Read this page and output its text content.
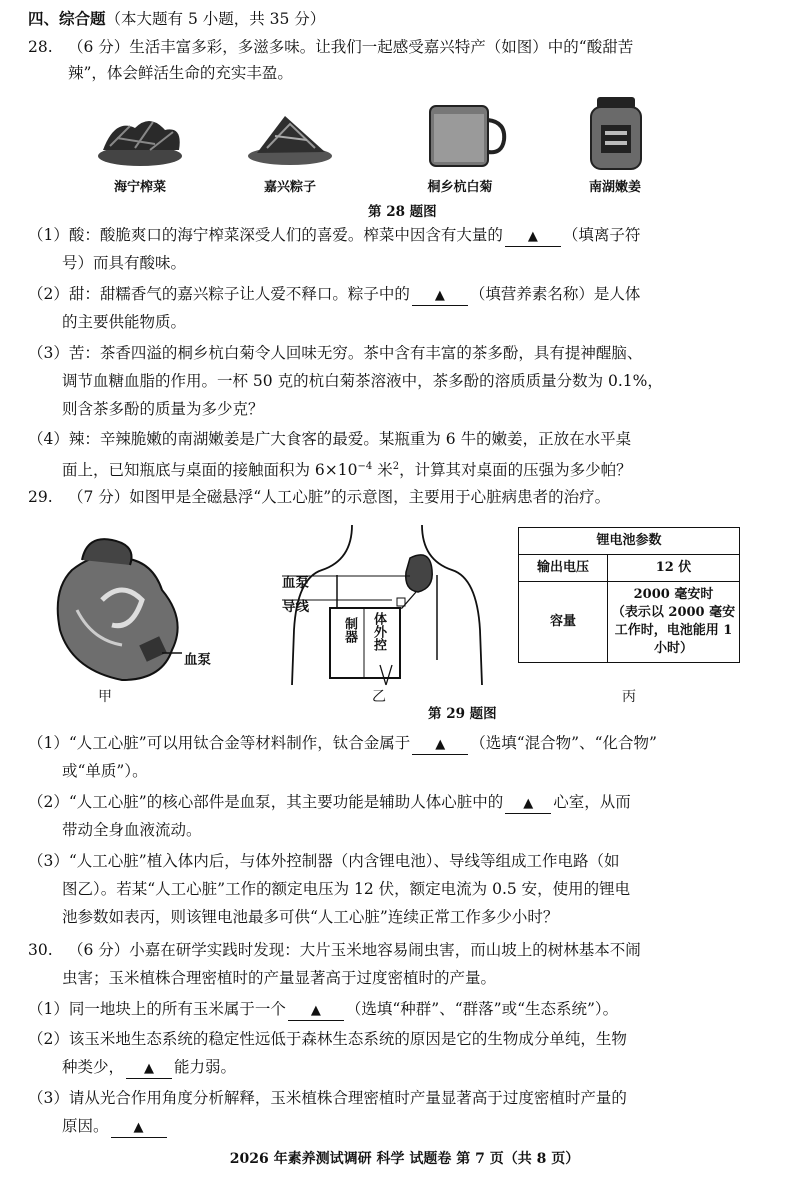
四、综合题（本大题有 5 小题，共 35 分）
28. （6 分）生活丰富多彩，多滋多味。让我们一起感受嘉兴特产（如图）中的“酸甜苦
辣”，体会鲜活生命的充实丰盈。
海宁榨菜	嘉兴粽子	桐乡杭白菊	南湖嫩姜
第 28 题图
（1）酸：酸脆爽口的海宁榨菜深受人们的喜爱。榨菜中因含有大量的 ▲ （填离子符
号）而具有酸味。
（2）甜：甜糯香气的嘉兴粽子让人爱不释口。粽子中的 ▲ （填营养素名称）是人体
的主要供能物质。
（3）苦：茶香四溢的桐乡杭白菊令人回味无穷。茶中含有丰富的茶多酚，具有提神醒脑、
调节血糖血脂的作用。一杯 50 克的杭白菊茶溶液中，茶多酚的溶质质量分数为 0.1%，
则含茶多酚的质量为多少克？
（4）辣：辛辣脆嫩的南湖嫩姜是广大食客的最爱。某瓶重为 6 牛的嫩姜，正放在水平桌
面上，已知瓶底与桌面的接触面积为 $6\times 10^{-4}$ 米$^2$，计算其对桌面的压强为多少帕？
29. （7 分）如图甲是全磁悬浮“人工心脏”的示意图，主要用于心脏病患者的治疗。
血泵
甲
血泵
导线
制器 体外控
乙
锂电池参数	
输出电压	12 伏
容量	2000 毫安时
（表示以 2000 毫安
工作时，电池能用 1
小时）
丙
第 29 题图
（1）“人工心脏”可以用钛合金等材料制作，钛合金属于 ▲ （选填“混合物”、“化合物”
或“单质”）。
（2）“人工心脏”的核心部件是血泵，其主要功能是辅助人体心脏中的 ▲ 心室，从而
带动全身血液流动。
（3）“人工心脏”植入体内后，与体外控制器（内含锂电池）、导线等组成工作电路（如
图乙）。若某“人工心脏”工作的额定电压为 12 伏，额定电流为 0.5 安，使用的锂电
池参数如表丙，则该锂电池最多可供“人工心脏”连续正常工作多少小时？
30. （6 分）小嘉在研学实践时发现：大片玉米地容易闹虫害，而山坡上的树林基本不闹
虫害；玉米植株合理密植时的产量显著高于过度密植时的产量。
（1）同一地块上的所有玉米属于一个 ▲ （选填“种群”、“群落”或“生态系统”）。
（2）该玉米地生态系统的稳定性远低于森林生态系统的原因是它的生物成分单纯，生物
种类少， ▲ 能力弱。
（3）请从光合作用角度分析解释，玉米植株合理密植时产量显著高于过度密植时产量的
原因。 ▲
2026 年素养测试调研 科学 试题卷 第 7 页（共 8 页）
